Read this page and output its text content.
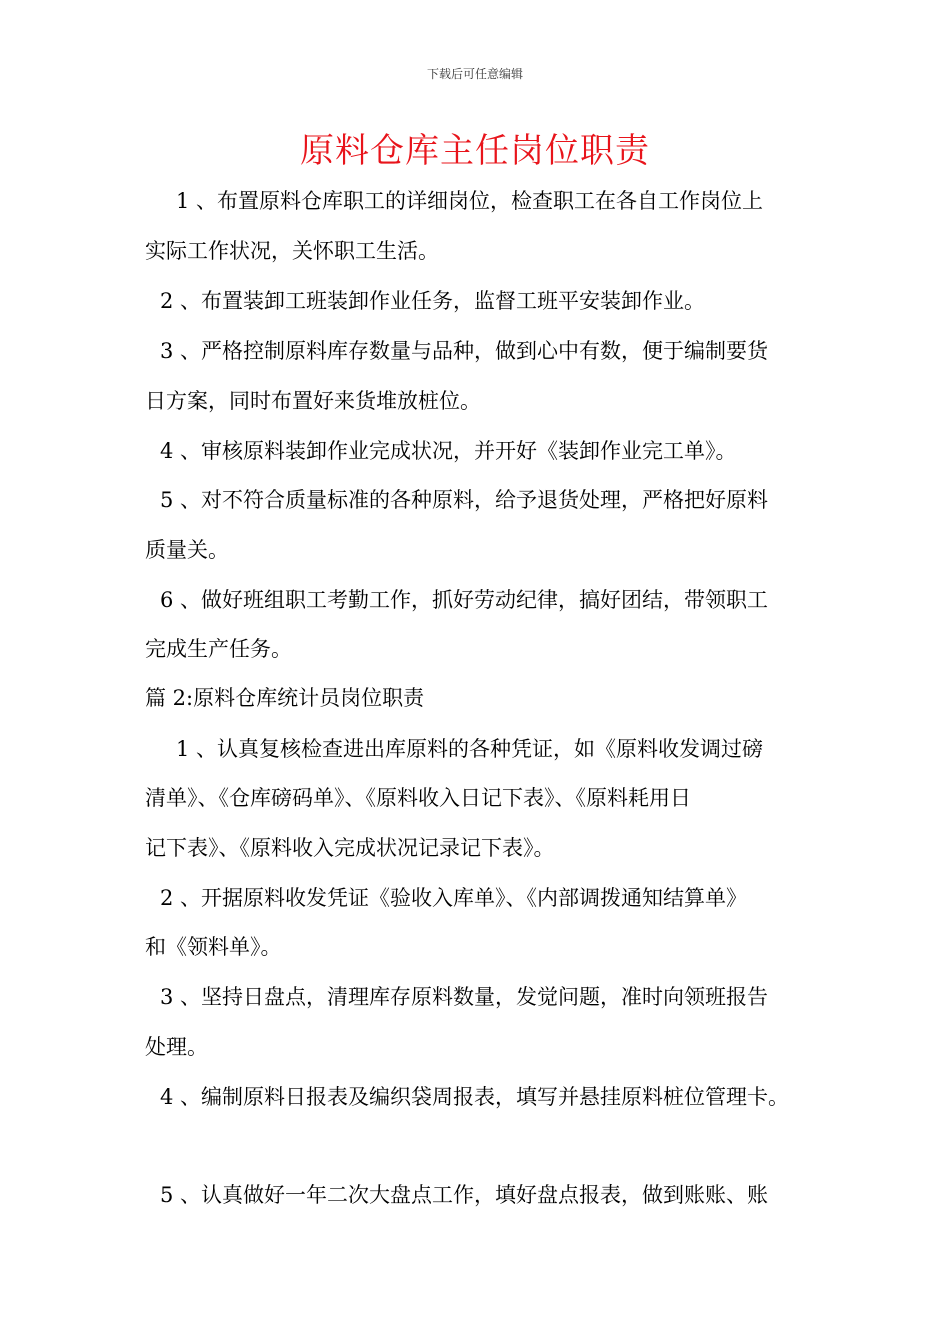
下载后可任意编辑
原料仓库主任岗位职责
1 、布置原料仓库职工的详细岗位，检查职工在各自工作岗位上
实际工作状况，关怀职工生活。
2 、布置装卸工班装卸作业任务，监督工班平安装卸作业。
3 、严格控制原料库存数量与品种，做到心中有数，便于编制要货
日方案，同时布置好来货堆放桩位。
4 、审核原料装卸作业完成状况，并开好《装卸作业完工单》。
5 、对不符合质量标准的各种原料，给予退货处理，严格把好原料
质量关。
6 、做好班组职工考勤工作，抓好劳动纪律，搞好团结，带领职工
完成生产任务。
篇 2:原料仓库统计员岗位职责
1 、认真复核检查进出库原料的各种凭证，如《原料收发调过磅
清单》、《仓库磅码单》、《原料收入日记下表》、《原料耗用日
记下表》、《原料收入完成状况记录记下表》。
2 、开据原料收发凭证《验收入库单》、《内部调拨通知结算单》
和《领料单》。
3 、坚持日盘点，清理库存原料数量，发觉问题，准时向领班报告
处理。
4 、编制原料日报表及编织袋周报表，填写并悬挂原料桩位管理卡。
5 、认真做好一年二次大盘点工作，填好盘点报表，做到账账、账
